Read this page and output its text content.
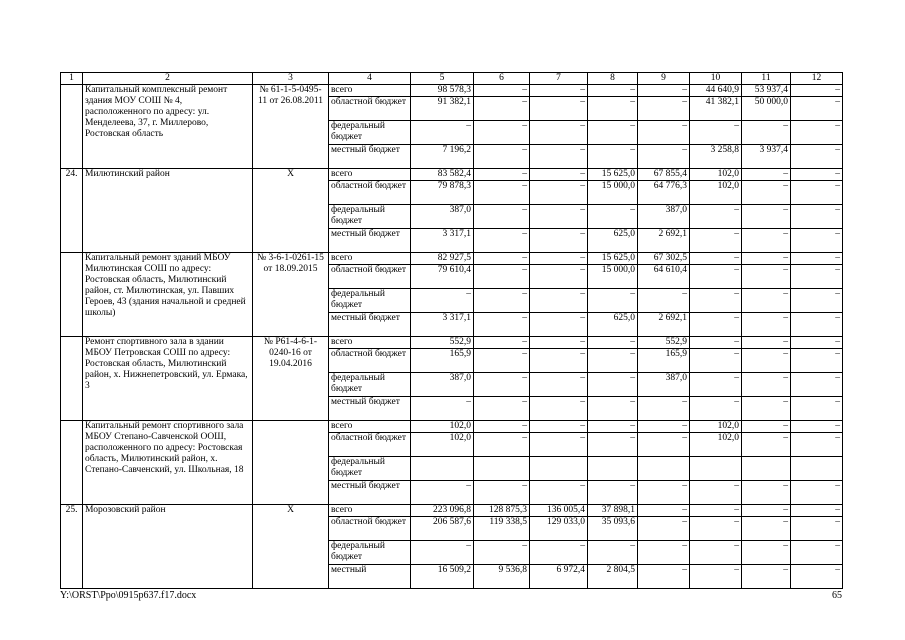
1	2	3	4	5	6	7	8	9	10	11	12
	Капитальный комплексный ремонт здания МОУ СОШ № 4, расположенного по адресу: ул. Менделеева, 37, г. Миллерово, Ростовская область	№ 61-1-5-0495-11 от 26.08.2011	всего	98 578,3	–	–	–	–	44 640,9	53 937,4	–
			областной бюджет	91 382,1	–	–	–	–	41 382,1	50 000,0	–
			федеральный бюджет	–	–	–	–	–	–	–	–
			местный бюджет	7 196,2	–	–	–	–	3 258,8	3 937,4	–
24.	Милютинский район	Х	всего	83 582,4	–	–	15 625,0	67 855,4	102,0	–	–
			областной бюджет	79 878,3	–	–	15 000,0	64 776,3	102,0	–	–
			федеральный бюджет	387,0	–	–	–	387,0	–	–	–
			местный бюджет	3 317,1	–	–	625,0	2 692,1	–	–	–
	Капитальный ремонт зданий МБОУ Милютинская СОШ по адресу: Ростовская область, Милютинский район, ст. Милютинская, ул. Павших Героев, 43 (здания начальной и средней школы)	№ 3-6-1-0261-15 от 18.09.2015	всего	82 927,5	–	–	15 625,0	67 302,5	–	–	–
			областной бюджет	79 610,4	–	–	15 000,0	64 610,4	–	–	–
			федеральный бюджет	–	–	–	–	–	–	–	–
			местный бюджет	3 317,1	–	–	625,0	2 692,1	–	–	–
	Ремонт спортивного зала в здании МБОУ Петровская СОШ по адресу: Ростовская область, Милютинский район, х. Нижнепетровский, ул. Ермака, 3	№ Р61-4-6-1-0240-16 от 19.04.2016	всего	552,9	–	–	–	552,9	–	–	–
			областной бюджет	165,9	–	–	–	165,9	–	–	–
			федеральный бюджет	387,0	–	–	–	387,0	–	–	–
			местный бюджет	–	–	–	–	–	–	–	–
	Капитальный ремонт спортивного зала МБОУ Степано-Савченской ООШ, расположенного по адресу: Ростовская область, Милютинский район, х. Степано-Савченский, ул. Школьная, 18		всего	102,0	–	–	–	–	102,0	–	–
			областной бюджет	102,0	–	–	–	–	102,0	–	–
			федеральный бюджет								
			местный бюджет	–	–	–	–	–	–	–	–
25.	Морозовский район	Х	всего	223 096,8	128 875,3	136 005,4	37 898,1	–	–	–	–
			областной бюджет	206 587,6	119 338,5	129 033,0	35 093,6	–	–	–	–
			федеральный бюджет	–	–	–	–	–	–	–	–
			местный	16 509,2	9 536,8	6 972,4	2 804,5	–	–	–	–
Y:\ORST\Ppo\0915p637.f17.docx	65
